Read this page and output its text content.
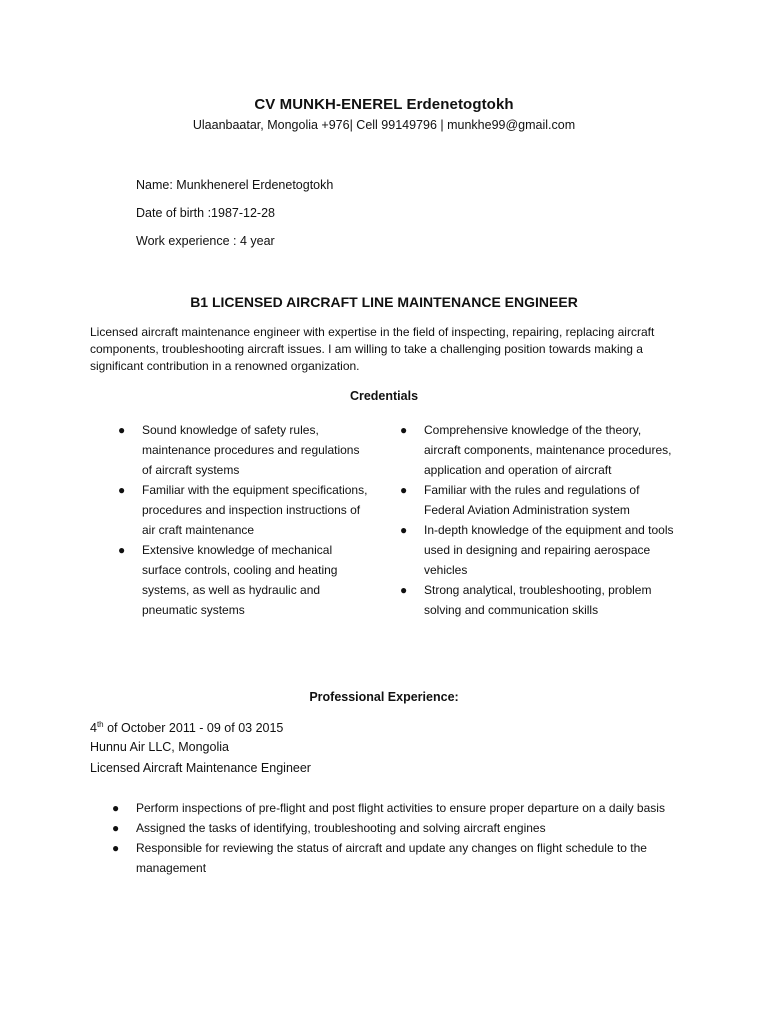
CV MUNKH-ENEREL Erdenetogtokh
Ulaanbaatar, Mongolia +976| Cell 99149796 | munkhe99@gmail.com
Name: Munkhenerel Erdenetogtokh
Date of birth :1987-12-28
Work experience : 4 year
B1 LICENSED AIRCRAFT LINE MAINTENANCE ENGINEER
Licensed aircraft maintenance engineer with expertise in the field of inspecting, repairing, replacing aircraft components, troubleshooting aircraft issues. I am willing to take a challenging position towards making a significant contribution in a renowned organization.
Credentials
● Sound knowledge of safety rules, maintenance procedures and regulations of aircraft systems
● Familiar with the equipment specifications, procedures and inspection instructions of air craft maintenance
● Extensive knowledge of mechanical surface controls, cooling and heating systems, as well as hydraulic and pneumatic systems
● Comprehensive knowledge of the theory, aircraft components, maintenance procedures, application and operation of aircraft
● Familiar with the rules and regulations of Federal Aviation Administration system
● In-depth knowledge of the equipment and tools used in designing and repairing aerospace vehicles
● Strong analytical, troubleshooting, problem solving and communication skills
Professional Experience:
4th of October 2011 - 09 of 03 2015
Hunnu Air LLC, Mongolia
Licensed Aircraft Maintenance Engineer
● Perform inspections of pre-flight and post flight activities to ensure proper departure on a daily basis
● Assigned the tasks of identifying, troubleshooting and solving aircraft engines
● Responsible for reviewing the status of aircraft and update any changes on flight schedule to the management
